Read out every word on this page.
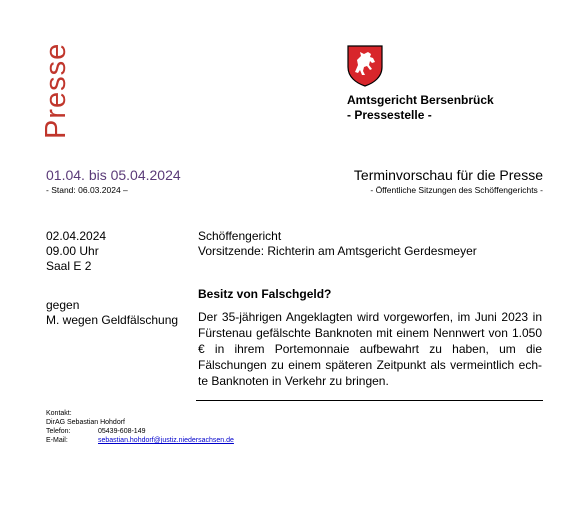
Presse	Amtsgericht Bersenbrück
- Pressestelle -
01.04. bis 05.04.2024
- Stand: 06.03.2024 –
Terminvorschau für die Presse
- Öffentliche Sitzungen des Schöffengerichts -
02.04.2024
09.00 Uhr
Saal E 2
Schöffengericht
Vorsitzende: Richterin am Amtsgericht Gerdesmeyer
Besitz von Falschgeld?
gegen
M. wegen Geldfälschung Der 35-jährigen Angeklagten wird vorgeworfen, im Juni 2023 in Fürstenau gefälschte Banknoten mit einem Nennwert von 1.050 € in ihrem Portemonnaie aufbewahrt zu haben, um die Fälschungen zu einem späteren Zeitpunkt als vermeintlich ech-te Banknoten in Verkehr zu bringen.
Kontakt:
DirAG Sebastian Hohdorf
Telefon:	05439-608-149
E-Mail:	sebastian.hohdorf@justiz.niedersachsen.de
